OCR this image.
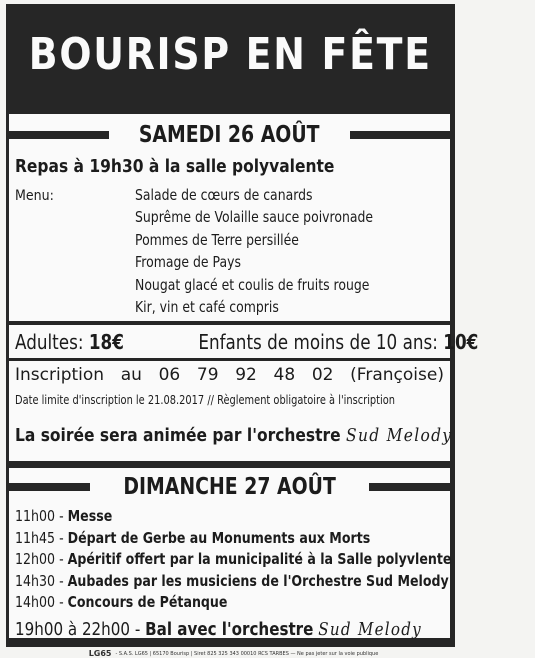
BOURISP EN FÊTE
SAMEDI 26 AOÛT
Repas à 19h30 à la salle polyvalente
Menu:	Salade de cœurs de canards
Suprême de Volaille sauce poivronade
Pommes de Terre persillée
Fromage de Pays
Nougat glacé et coulis de fruits rouge
Kir, vin et café compris
Adultes: 18€	Enfants de moins de 10 ans: 10€
Inscription au 06 79 92 48 02 (Françoise)
Date limite d'inscription le 21.08.2017 // Règlement obligatoire à l'inscription
La soirée sera animée par l'orchestre Sud Melody
DIMANCHE 27 AOÛT
11h00 - Messe
11h45 - Départ de Gerbe au Monuments aux Morts
12h00 - Apéritif offert par la municipalité à la Salle polyvlente
14h30 - Aubades par les musiciens de l'Orchestre Sud Melody
14h00 - Concours de Pétanque
19h00 à 22h00 - Bal avec l'orchestre Sud Melody
LG65 - S.A.S. LG65 | 65170 Bourisp | Siret 825 325 343 00010 RCS TARBES — Ne pas jeter sur la voie publique
